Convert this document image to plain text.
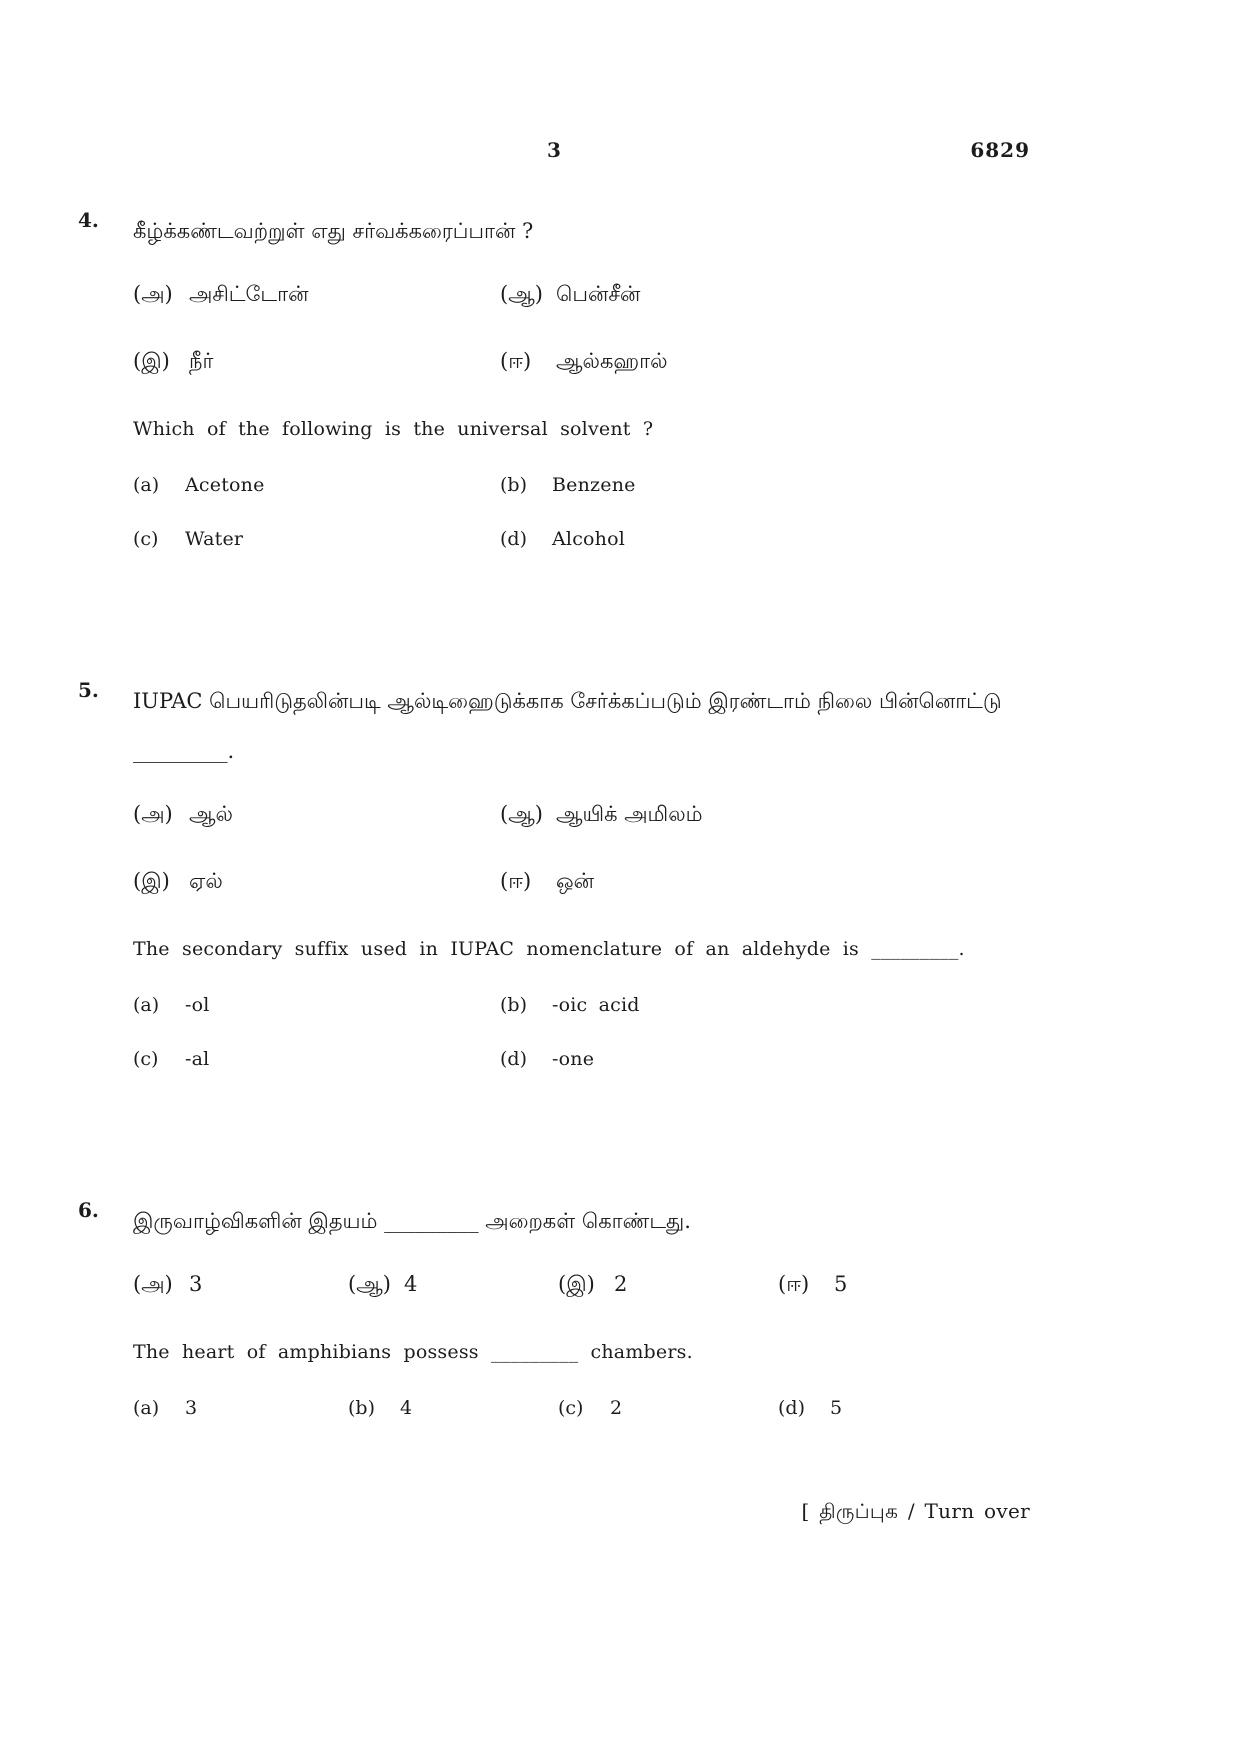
3	6829
4.	கீழ்க்கண்டவற்றுள் எது சர்வக்கரைப்பான் ?

(அ) அசிட்டோன்	(ஆ) பென்சீன்
(இ) நீர்	(ஈ)	ஆல்கஹால்

Which of the following is the universal solvent ?

(a)	Acetone	(b)	Benzene
(c)	Water	(d)	Alcohol
5.	IUPAC பெயரிடுதலின்படி ஆல்டிஹைடுக்காக சேர்க்கப்படும் இரண்டாம் நிலை பின்னொட்டு _________.

(அ) ஆல்	(ஆ) ஆயிக் அமிலம்
(இ) ஏல்	(ஈ)	ஒன்

The secondary suffix used in IUPAC nomenclature of an aldehyde is _________.

(a)	-ol	(b)	-oic acid
(c)	-al	(d)	-one
6.	இருவாழ்விகளின் இதயம் _________ அறைகள் கொண்டது.

(அ) 3	(ஆ) 4	(இ) 2	(ஈ)	5

The heart of amphibians possess _________ chambers.

(a)	3	(b)	4	(c)	2	(d)	5
[ திருப்புக / Turn over
